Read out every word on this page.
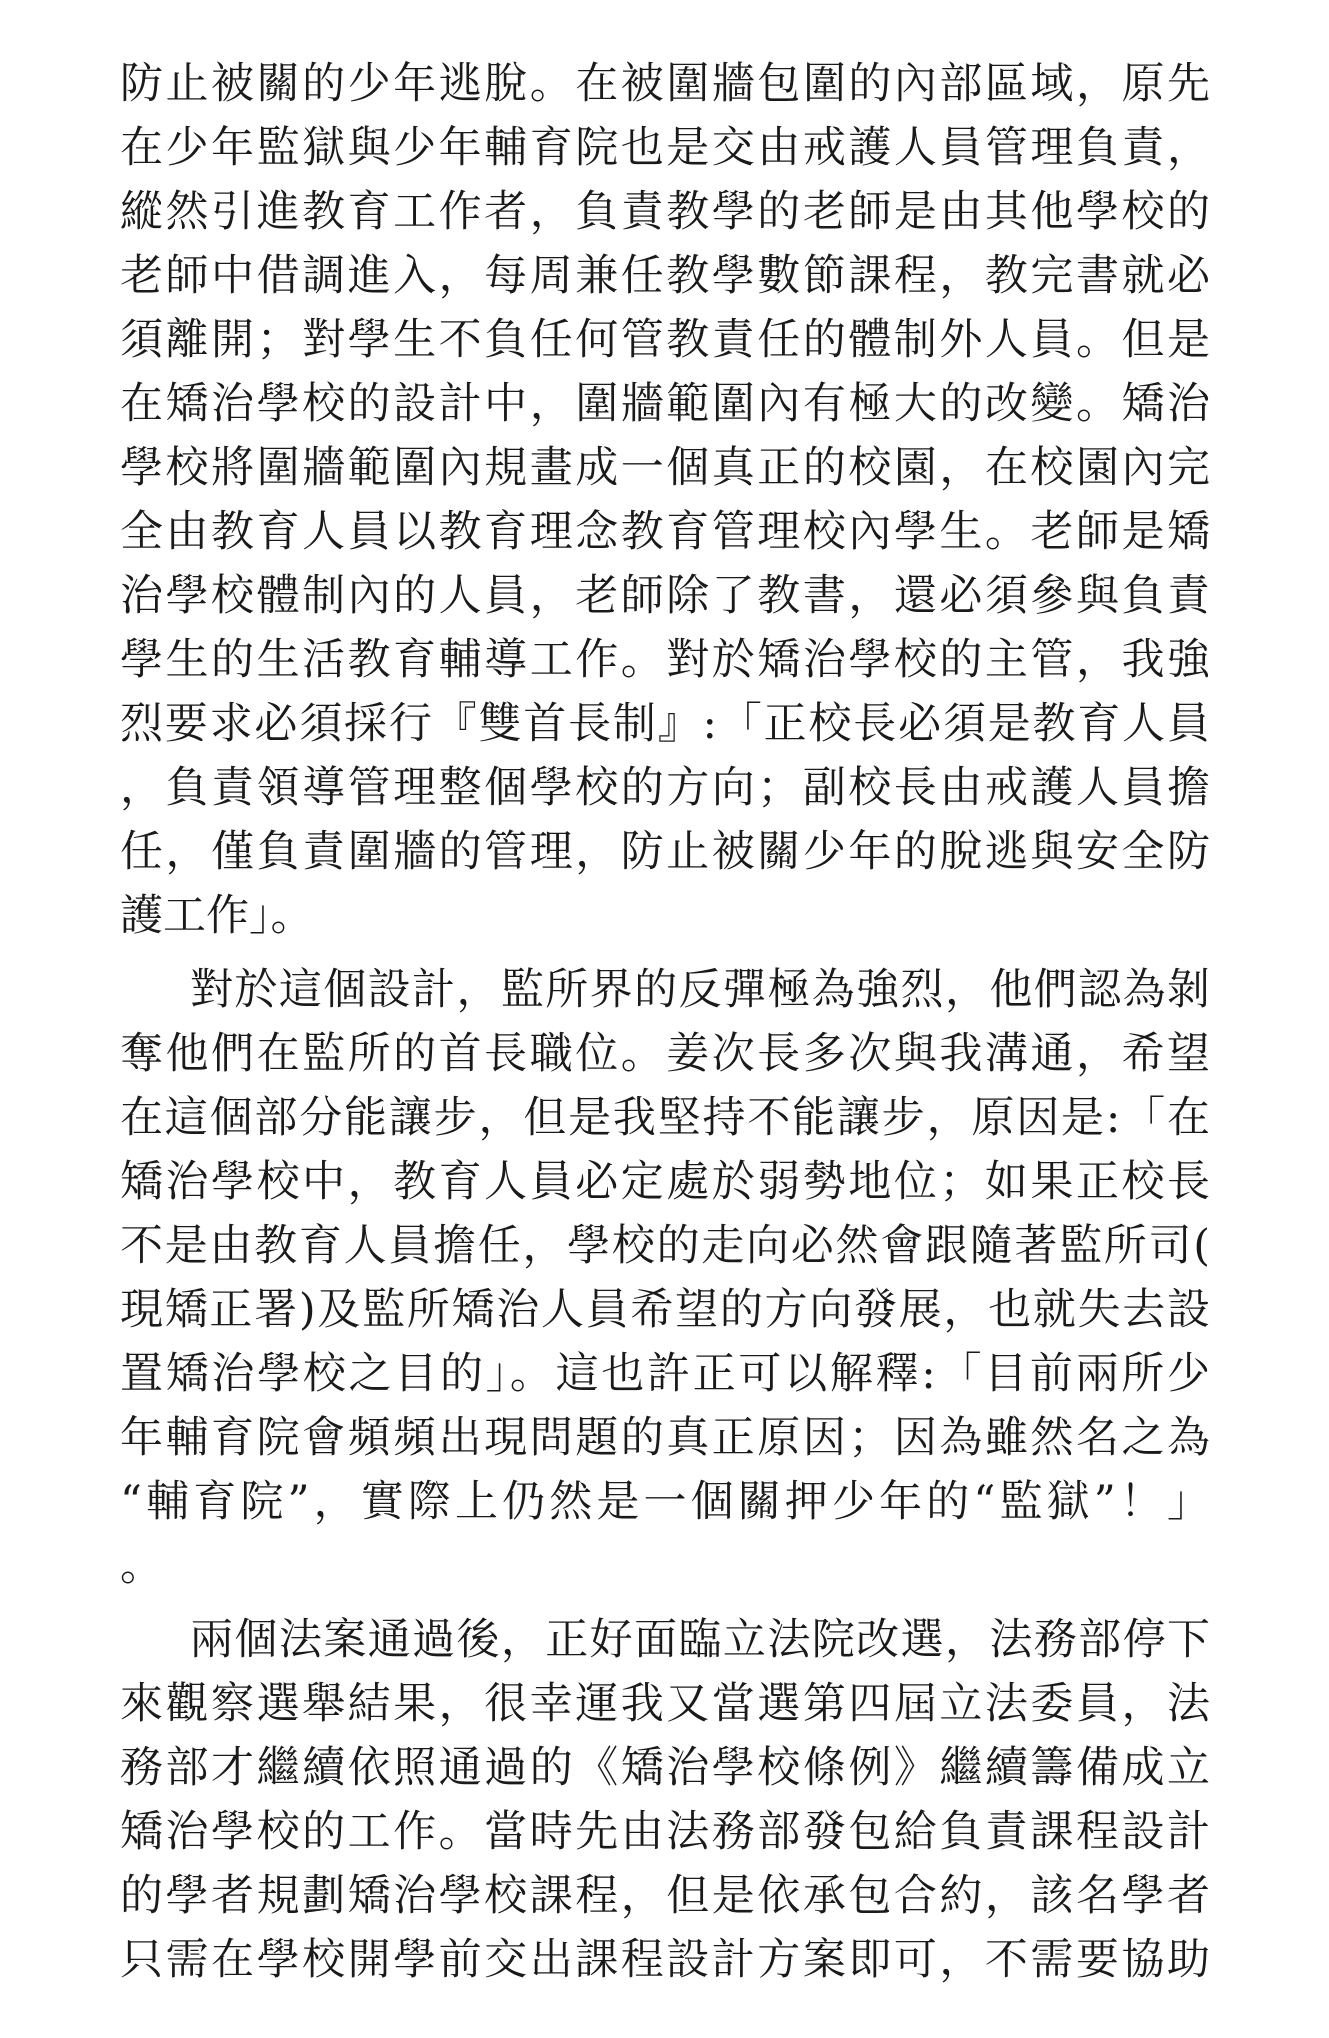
防止被關的少年逃脫。在被圍牆包圍的內部區域，原先
在少年監獄與少年輔育院也是交由戒護人員管理負責，
縱然引進教育工作者，負責教學的老師是由其他學校的
老師中借調進入，每周兼任教學數節課程，教完書就必
須離開；對學生不負任何管教責任的體制外人員。但是
在矯治學校的設計中，圍牆範圍內有極大的改變。矯治
學校將圍牆範圍內規畫成一個真正的校園，在校園內完
全由教育人員以教育理念教育管理校內學生。老師是矯
治學校體制內的人員，老師除了教書，還必須參與負責
學生的生活教育輔導工作。對於矯治學校的主管，我強
烈要求必須採行『雙首長制』:「正校長必須是教育人員
，負責領導管理整個學校的方向；副校長由戒護人員擔
任，僅負責圍牆的管理，防止被關少年的脫逃與安全防
護工作」。
對於這個設計，監所界的反彈極為強烈，他們認為剝
奪他們在監所的首長職位。姜次長多次與我溝通，希望
在這個部分能讓步，但是我堅持不能讓步，原因是:「在
矯治學校中，教育人員必定處於弱勢地位；如果正校長
不是由教育人員擔任，學校的走向必然會跟隨著監所司(
現矯正署)及監所矯治人員希望的方向發展，也就失去設
置矯治學校之目的」。這也許正可以解釋:「目前兩所少
年輔育院會頻頻出現問題的真正原因；因為雖然名之為
“輔育院”，實際上仍然是一個關押少年的“監獄”！」
。
兩個法案通過後，正好面臨立法院改選，法務部停下
來觀察選舉結果，很幸運我又當選第四屆立法委員，法
務部才繼續依照通過的《矯治學校條例》繼續籌備成立
矯治學校的工作。當時先由法務部發包給負責課程設計
的學者規劃矯治學校課程，但是依承包合約，該名學者
只需在學校開學前交出課程設計方案即可，不需要協助
